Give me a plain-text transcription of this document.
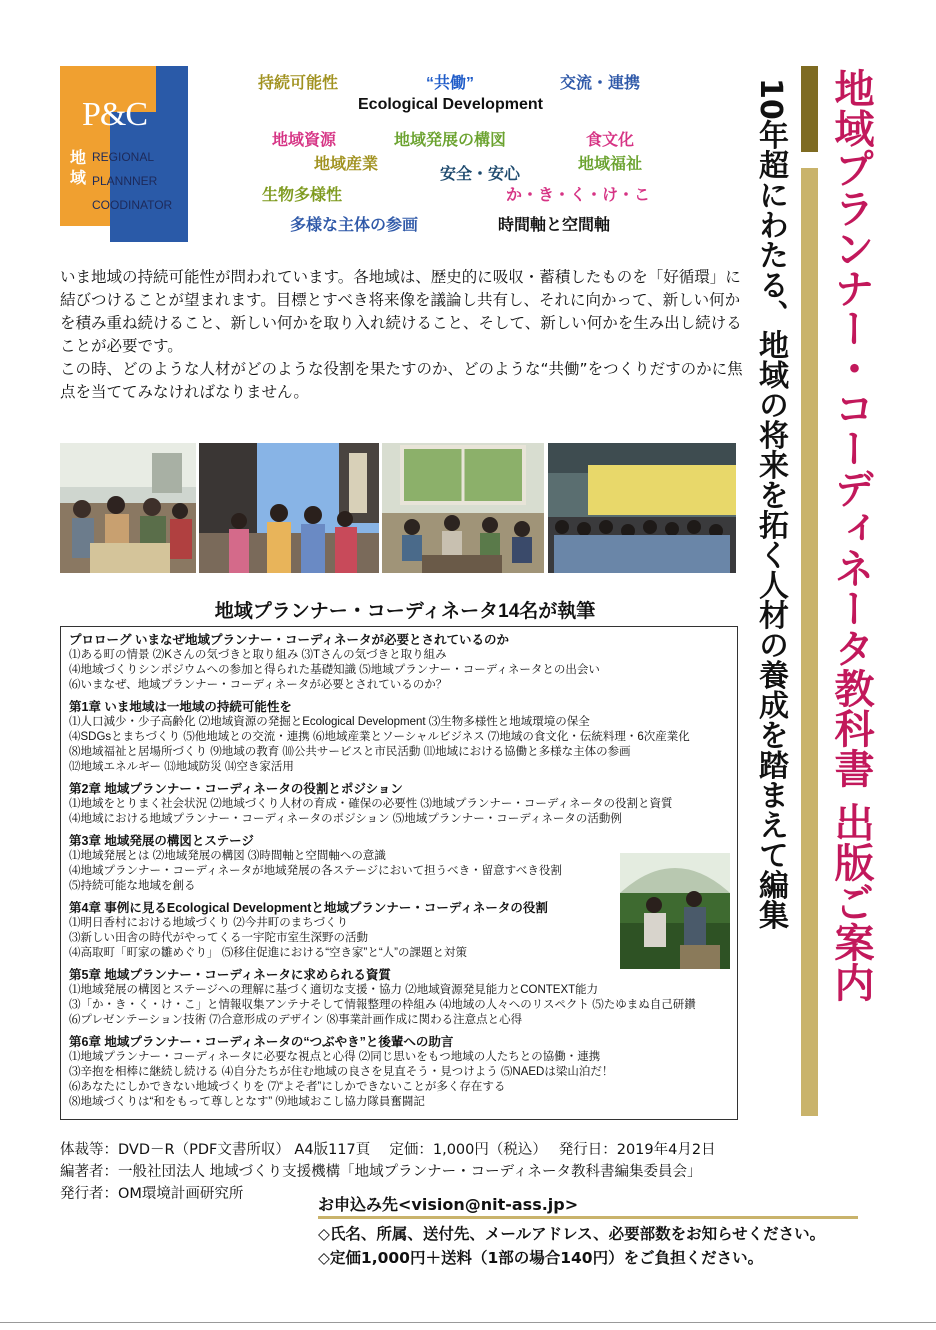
P&C
地域
REGIONAL
PLANNNER
COODINATOR
持続可能性	“共働”	交流・連携
Ecological Development
地域資源	地域発展の構図	食文化
地域産業	地域福祉
安全・安心
生物多様性	か・き・く・け・こ
多様な主体の参画	時間軸と空間軸	10年超にわたる、地域の将来を拓く人材の養成を踏まえて編集 地域プランナー・コーディネータ教科書 出版ご案内

いま地域の持続可能性が問われています。各地域は、歴史的に吸収・蓄積したものを「好循環」に結びつけることが望まれます。目標とすべき将来像を議論し共有し、それに向かって、新しい何かを積み重ね続けること、新しい何かを取り入れ続けること、そして、新しい何かを生み出し続けることが必要です。

この時、どのような人材がどのような役割を果たすのか、どのような“共働”をつくりだすのかに焦点を当ててみなければなりません。

地域プランナー・コーディネータ14名が執筆
プロローグ いまなぜ地域プランナー・コーディネータが必要とされているのか
⑴ある町の情景 ⑵Kさんの気づきと取り組み ⑶Tさんの気づきと取り組み
⑷地域づくりシンポジウムへの参加と得られた基礎知識 ⑸地域プランナー・コーディネータとの出会い
⑹いまなぜ、地域プランナー・コーディネータが必要とされているのか？
第1章 いま地域は一地域の持続可能性を
⑴人口減少・少子高齢化 ⑵地域資源の発掘とEcological Development ⑶生物多様性と地域環境の保全
⑷SDGsとまちづくり ⑸他地域との交流・連携 ⑹地域産業とソーシャルビジネス ⑺地域の食文化・伝統料理・6次産業化
⑻地域福祉と居場所づくり ⑼地域の教育 ⑽公共サービスと市民活動 ⑾地域における協働と多様な主体の参画
⑿地域エネルギー ⒀地域防災 ⒁空き家活用
第2章 地域プランナー・コーディネータの役割とポジション
⑴地域をとりまく社会状況 ⑵地域づくり人材の育成・確保の必要性 ⑶地域プランナー・コーディネータの役割と資質
⑷地域における地域プランナー・コーディネータのポジション ⑸地域プランナー・コーディネータの活動例
第3章 地域発展の構図とステージ
⑴地域発展とは ⑵地域発展の構図 ⑶時間軸と空間軸への意識
⑷地域プランナー・コーディネータが地域発展の各ステージにおいて担うべき・留意すべき役割
⑸持続可能な地域を創る
第4章 事例に見るEcological Developmentと地域プランナー・コーディネータの役割
⑴明日香村における地域づくり ⑵今井町のまちづくり
⑶新しい田舎の時代がやってくる一宇陀市室生深野の活動
⑷高取町「町家の雛めぐり」 ⑸移住促進における“空き家”と“人”の課題と対策
第5章 地域プランナー・コーディネータに求められる資質
⑴地域発展の構図とステージへの理解に基づく適切な支援・協力 ⑵地域資源発見能力とCONTEXT能力
⑶「か・き・く・け・こ」と情報収集アンテナそして情報整理の枠組み ⑷地域の人々へのリスペクト ⑸たゆまぬ自己研鑽
⑹プレゼンテーション技術 ⑺合意形成のデザイン ⑻事業計画作成に関わる注意点と心得
第6章 地域プランナー・コーディネータの“つぶやき”と後輩への助言
⑴地域プランナー・コーディネータに必要な視点と心得 ⑵同じ思いをもつ地域の人たちとの協働・連携
⑶辛抱を相棒に継続し続ける ⑷自分たちが住む地域の良さを見直そう・見つけよう ⑸NAEDは梁山泊だ！
⑹あなたにしかできない地域づくりを ⑺“よそ者”にしかできないことが多く存在する
⑻地域づくりは“和をもって尊しとなす” ⑼地域おこし協力隊員奮闘記
体裁等：DVD－R（PDF文書所収） A4版117頁　 定価：1,000円（税込）　 発行日：2019年4月2日
編著者：一般社団法人 地域づくり支援機構「地域プランナー・コーディネータ教科書編集委員会」
発行者：OM環境計画研究所
お申込み先<vision@nit-ass.jp>
◇氏名、所属、送付先、メールアドレス、必要部数をお知らせください。
◇定価1,000円＋送料（1部の場合140円）をご負担ください。
